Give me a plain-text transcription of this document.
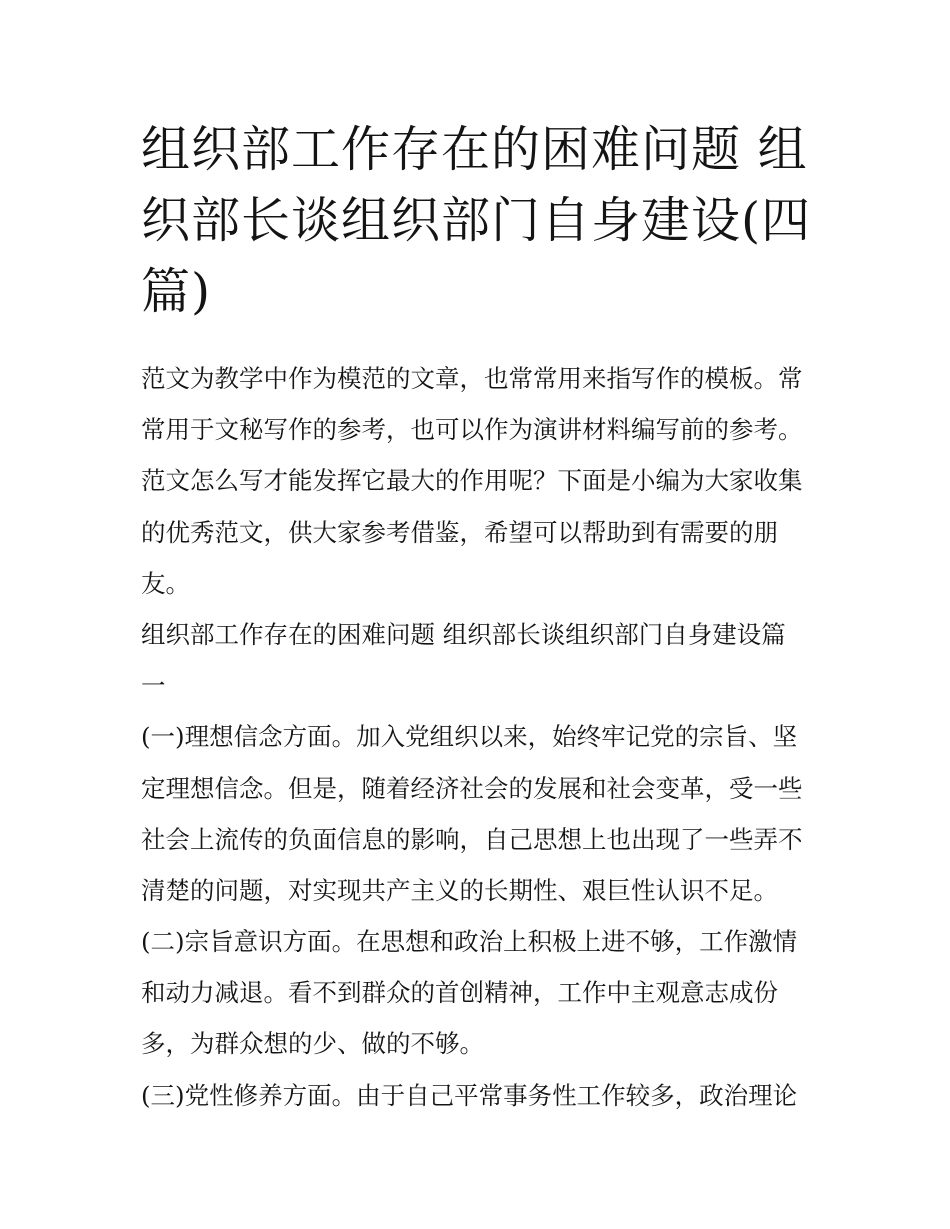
组织部工作存在的困难问题 组
织部长谈组织部门自身建设(四
篇)
范文为教学中作为模范的文章，也常常用来指写作的模板。常
常用于文秘写作的参考，也可以作为演讲材料编写前的参考。
范文怎么写才能发挥它最大的作用呢？下面是小编为大家收集
的优秀范文，供大家参考借鉴，希望可以帮助到有需要的朋
友。
组织部工作存在的困难问题 组织部长谈组织部门自身建设篇
一
(一)理想信念方面。加入党组织以来，始终牢记党的宗旨、坚
定理想信念。但是，随着经济社会的发展和社会变革，受一些
社会上流传的负面信息的影响，自己思想上也出现了一些弄不
清楚的问题，对实现共产主义的长期性、艰巨性认识不足。
(二)宗旨意识方面。在思想和政治上积极上进不够，工作激情
和动力减退。看不到群众的首创精神，工作中主观意志成份
多，为群众想的少、做的不够。
(三)党性修养方面。由于自己平常事务性工作较多，政治理论
